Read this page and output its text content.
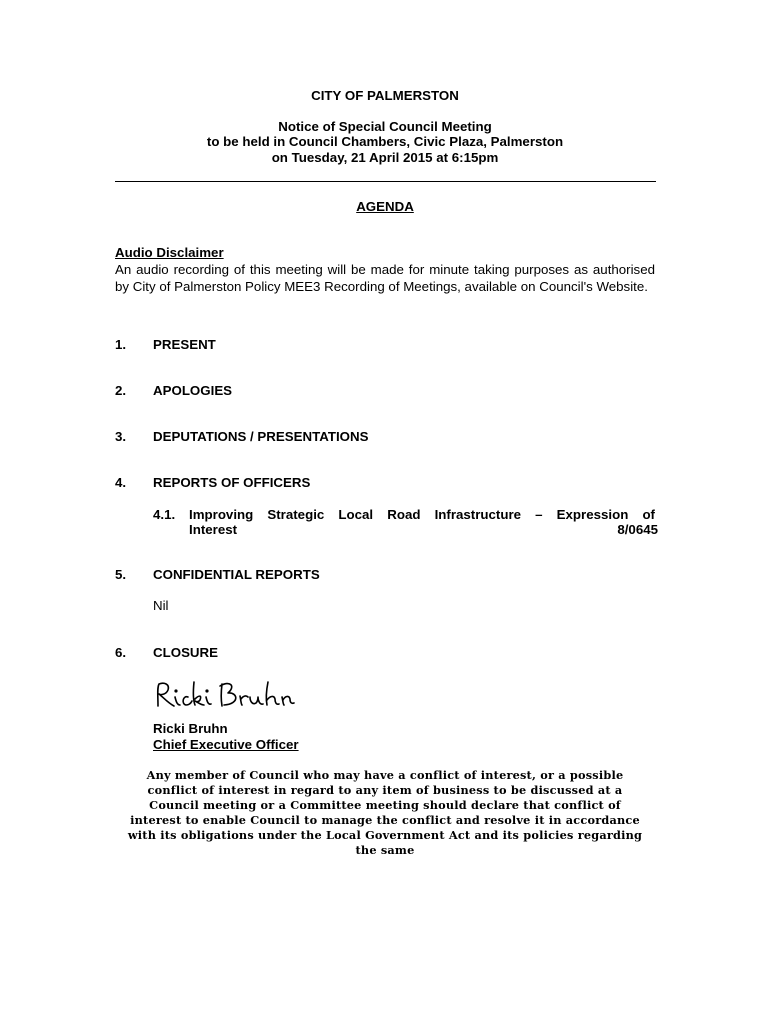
CITY OF PALMERSTON
Notice of Special Council Meeting
to be held in Council Chambers, Civic Plaza, Palmerston
on Tuesday, 21 April 2015 at 6:15pm
AGENDA
Audio Disclaimer
An audio recording of this meeting will be made for minute taking purposes as authorised by City of Palmerston Policy MEE3 Recording of Meetings, available on Council's Website.
1. PRESENT
2. APOLOGIES
3. DEPUTATIONS / PRESENTATIONS
4. REPORTS OF OFFICERS
4.1. Improving Strategic Local Road Infrastructure – Expression of
Interest	8/0645
5. CONFIDENTIAL REPORTS
Nil
6. CLOSURE
Ricki Bruhn
Chief Executive Officer
Any member of Council who may have a conflict of interest, or a possible
conflict of interest in regard to any item of business to be discussed at a
Council meeting or a Committee meeting should declare that conflict of
interest to enable Council to manage the conflict and resolve it in accordance
with its obligations under the Local Government Act and its policies regarding
the same
